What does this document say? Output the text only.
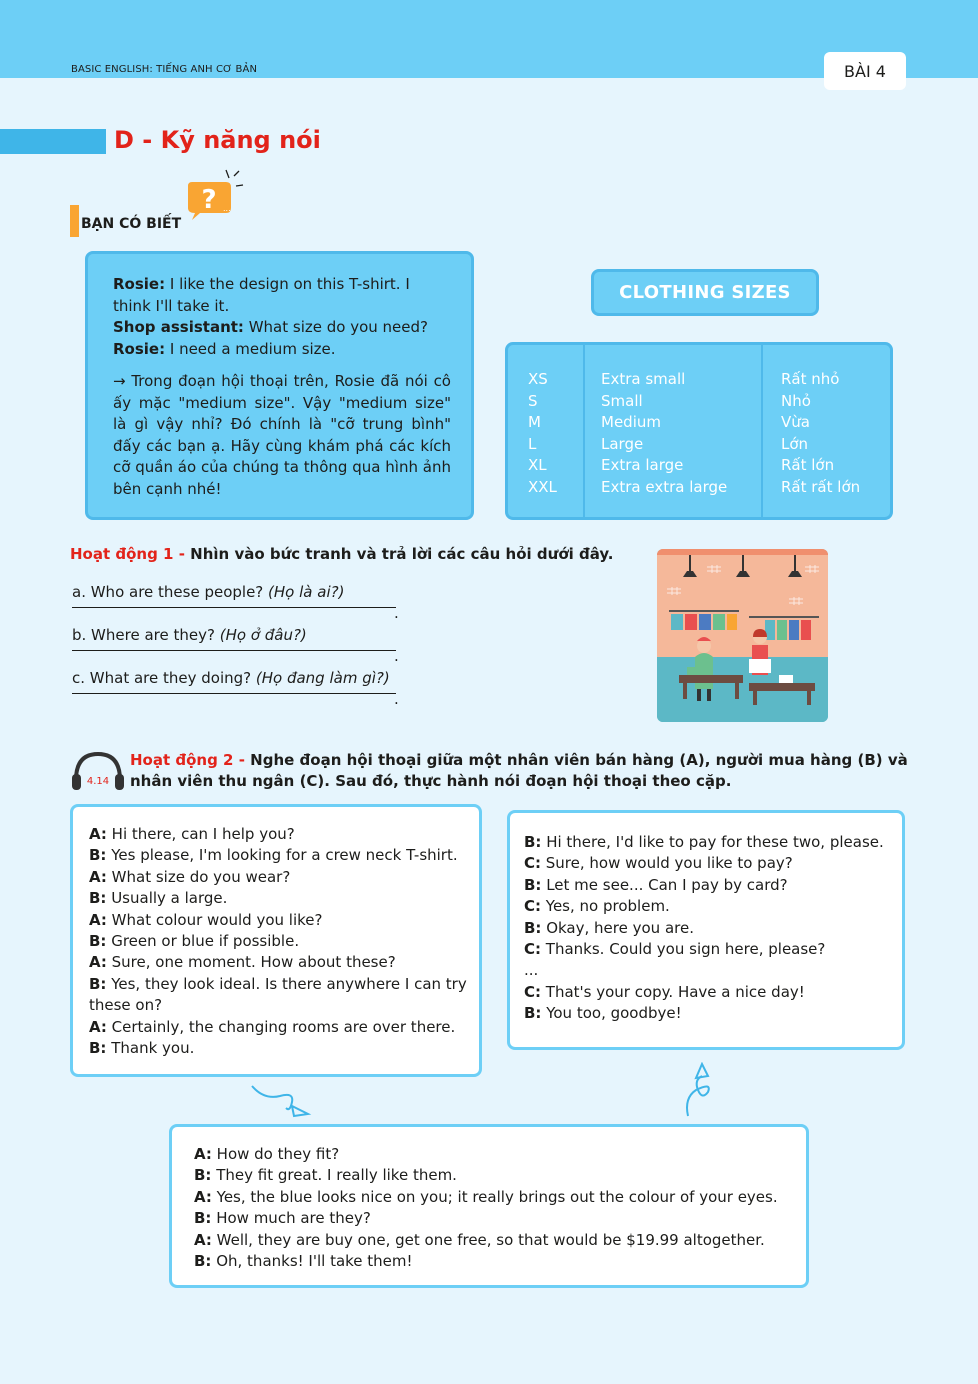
BASIC ENGLISH: TIẾNG ANH CƠ BẢN	BÀI 4
D - Kỹ năng nói
BẠN CÓ BIẾT
? ...

Rosie: I like the design on this T-shirt. I think I'll take it.

Shop assistant: What size do you need?

Rosie: I need a medium size.

→ Trong đoạn hội thoại trên, Rosie đã nói cô ấy mặc "medium size". Vậy "medium size" là gì vậy nhỉ? Đó chính là "cỡ trung bình" đấy các bạn ạ. Hãy cùng khám phá các kích cỡ quần áo của chúng ta thông qua hình ảnh bên cạnh nhé!

CLOTHING SIZES
XS
S
M
L
XL
XXL
Extra small
Small
Medium
Large
Extra large
Extra extra large
Rất nhỏ
Nhỏ
Vừa
Lớn
Rất lớn
Rất rất lớn
Hoạt động 1 - Nhìn vào bức tranh và trả lời các câu hỏi dưới đây.
a. Who are these people? (Họ là ai?)
.
b. Where are they? (Họ ở đâu?)
.
c. What are they doing? (Họ đang làm gì?)
.
4.14
Hoạt động 2 - Nghe đoạn hội thoại giữa một nhân viên bán hàng (A), người mua hàng (B) và nhân viên thu ngân (C). Sau đó, thực hành nói đoạn hội thoại theo cặp.

A: Hi there, can I help you?

B: Yes please, I'm looking for a crew neck T-shirt.

A: What size do you wear?

B: Usually a large.

A: What colour would you like?

B: Green or blue if possible.

A: Sure, one moment. How about these?

B: Yes, they look ideal. Is there anywhere I can try these on?

A: Certainly, the changing rooms are over there.

B: Thank you.

B: Hi there, I'd like to pay for these two, please.

C: Sure, how would you like to pay?

B: Let me see... Can I pay by card?

C: Yes, no problem.

B: Okay, here you are.

C: Thanks. Could you sign here, please?

...

C: That's your copy. Have a nice day!

B: You too, goodbye!

A: How do they fit?

B: They fit great. I really like them.

A: Yes, the blue looks nice on you; it really brings out the colour of your eyes.

B: How much are they?

A: Well, they are buy one, get one free, so that would be $19.99 altogether.

B: Oh, thanks! I'll take them!
